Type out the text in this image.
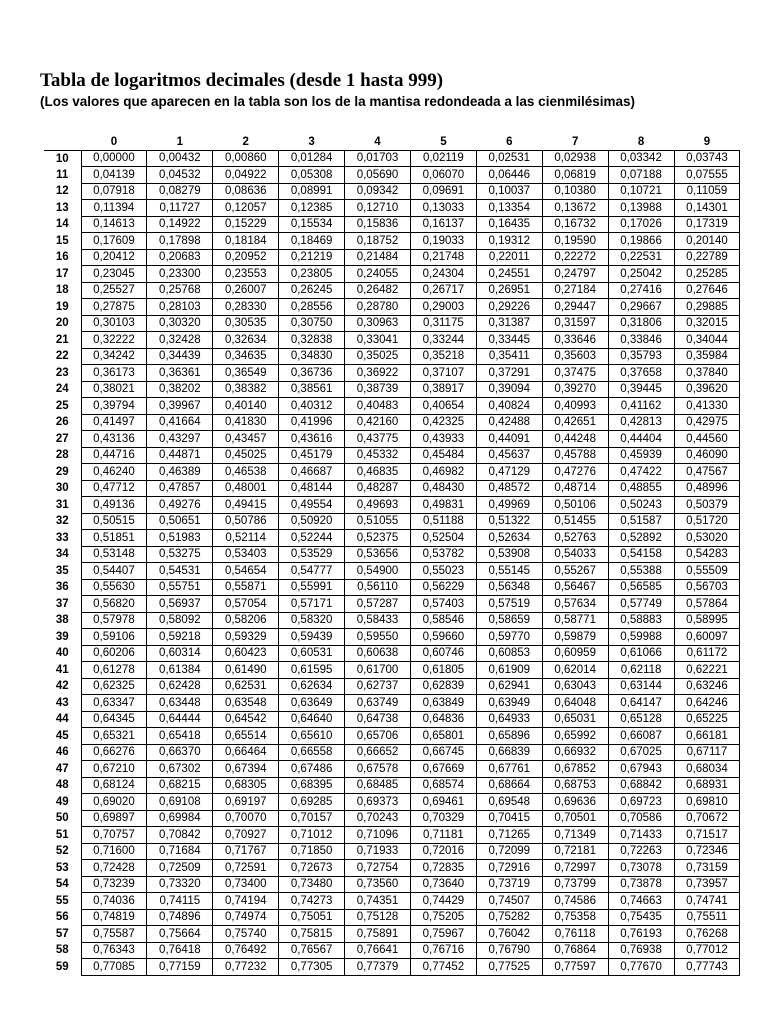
Tabla de logaritmos decimales (desde 1 hasta 999)
(Los valores que aparecen en la tabla son los de la mantisa redondeada a las cienmilésimas)
	0	1	2	3	4	5	6	7	8	9
10	0,00000	0,00432	0,00860	0,01284	0,01703	0,02119	0,02531	0,02938	0,03342	0,03743
11	0,04139	0,04532	0,04922	0,05308	0,05690	0,06070	0,06446	0,06819	0,07188	0,07555
12	0,07918	0,08279	0,08636	0,08991	0,09342	0,09691	0,10037	0,10380	0,10721	0,11059
13	0,11394	0,11727	0,12057	0,12385	0,12710	0,13033	0,13354	0,13672	0,13988	0,14301
14	0,14613	0,14922	0,15229	0,15534	0,15836	0,16137	0,16435	0,16732	0,17026	0,17319
15	0,17609	0,17898	0,18184	0,18469	0,18752	0,19033	0,19312	0,19590	0,19866	0,20140
16	0,20412	0,20683	0,20952	0,21219	0,21484	0,21748	0,22011	0,22272	0,22531	0,22789
17	0,23045	0,23300	0,23553	0,23805	0,24055	0,24304	0,24551	0,24797	0,25042	0,25285
18	0,25527	0,25768	0,26007	0,26245	0,26482	0,26717	0,26951	0,27184	0,27416	0,27646
19	0,27875	0,28103	0,28330	0,28556	0,28780	0,29003	0,29226	0,29447	0,29667	0,29885
20	0,30103	0,30320	0,30535	0,30750	0,30963	0,31175	0,31387	0,31597	0,31806	0,32015
21	0,32222	0,32428	0,32634	0,32838	0,33041	0,33244	0,33445	0,33646	0,33846	0,34044
22	0,34242	0,34439	0,34635	0,34830	0,35025	0,35218	0,35411	0,35603	0,35793	0,35984
23	0,36173	0,36361	0,36549	0,36736	0,36922	0,37107	0,37291	0,37475	0,37658	0,37840
24	0,38021	0,38202	0,38382	0,38561	0,38739	0,38917	0,39094	0,39270	0,39445	0,39620
25	0,39794	0,39967	0,40140	0,40312	0,40483	0,40654	0,40824	0,40993	0,41162	0,41330
26	0,41497	0,41664	0,41830	0,41996	0,42160	0,42325	0,42488	0,42651	0,42813	0,42975
27	0,43136	0,43297	0,43457	0,43616	0,43775	0,43933	0,44091	0,44248	0,44404	0,44560
28	0,44716	0,44871	0,45025	0,45179	0,45332	0,45484	0,45637	0,45788	0,45939	0,46090
29	0,46240	0,46389	0,46538	0,46687	0,46835	0,46982	0,47129	0,47276	0,47422	0,47567
30	0,47712	0,47857	0,48001	0,48144	0,48287	0,48430	0,48572	0,48714	0,48855	0,48996
31	0,49136	0,49276	0,49415	0,49554	0,49693	0,49831	0,49969	0,50106	0,50243	0,50379
32	0,50515	0,50651	0,50786	0,50920	0,51055	0,51188	0,51322	0,51455	0,51587	0,51720
33	0,51851	0,51983	0,52114	0,52244	0,52375	0,52504	0,52634	0,52763	0,52892	0,53020
34	0,53148	0,53275	0,53403	0,53529	0,53656	0,53782	0,53908	0,54033	0,54158	0,54283
35	0,54407	0,54531	0,54654	0,54777	0,54900	0,55023	0,55145	0,55267	0,55388	0,55509
36	0,55630	0,55751	0,55871	0,55991	0,56110	0,56229	0,56348	0,56467	0,56585	0,56703
37	0,56820	0,56937	0,57054	0,57171	0,57287	0,57403	0,57519	0,57634	0,57749	0,57864
38	0,57978	0,58092	0,58206	0,58320	0,58433	0,58546	0,58659	0,58771	0,58883	0,58995
39	0,59106	0,59218	0,59329	0,59439	0,59550	0,59660	0,59770	0,59879	0,59988	0,60097
40	0,60206	0,60314	0,60423	0,60531	0,60638	0,60746	0,60853	0,60959	0,61066	0,61172
41	0,61278	0,61384	0,61490	0,61595	0,61700	0,61805	0,61909	0,62014	0,62118	0,62221
42	0,62325	0,62428	0,62531	0,62634	0,62737	0,62839	0,62941	0,63043	0,63144	0,63246
43	0,63347	0,63448	0,63548	0,63649	0,63749	0,63849	0,63949	0,64048	0,64147	0,64246
44	0,64345	0,64444	0,64542	0,64640	0,64738	0,64836	0,64933	0,65031	0,65128	0,65225
45	0,65321	0,65418	0,65514	0,65610	0,65706	0,65801	0,65896	0,65992	0,66087	0,66181
46	0,66276	0,66370	0,66464	0,66558	0,66652	0,66745	0,66839	0,66932	0,67025	0,67117
47	0,67210	0,67302	0,67394	0,67486	0,67578	0,67669	0,67761	0,67852	0,67943	0,68034
48	0,68124	0,68215	0,68305	0,68395	0,68485	0,68574	0,68664	0,68753	0,68842	0,68931
49	0,69020	0,69108	0,69197	0,69285	0,69373	0,69461	0,69548	0,69636	0,69723	0,69810
50	0,69897	0,69984	0,70070	0,70157	0,70243	0,70329	0,70415	0,70501	0,70586	0,70672
51	0,70757	0,70842	0,70927	0,71012	0,71096	0,71181	0,71265	0,71349	0,71433	0,71517
52	0,71600	0,71684	0,71767	0,71850	0,71933	0,72016	0,72099	0,72181	0,72263	0,72346
53	0,72428	0,72509	0,72591	0,72673	0,72754	0,72835	0,72916	0,72997	0,73078	0,73159
54	0,73239	0,73320	0,73400	0,73480	0,73560	0,73640	0,73719	0,73799	0,73878	0,73957
55	0,74036	0,74115	0,74194	0,74273	0,74351	0,74429	0,74507	0,74586	0,74663	0,74741
56	0,74819	0,74896	0,74974	0,75051	0,75128	0,75205	0,75282	0,75358	0,75435	0,75511
57	0,75587	0,75664	0,75740	0,75815	0,75891	0,75967	0,76042	0,76118	0,76193	0,76268
58	0,76343	0,76418	0,76492	0,76567	0,76641	0,76716	0,76790	0,76864	0,76938	0,77012
59	0,77085	0,77159	0,77232	0,77305	0,77379	0,77452	0,77525	0,77597	0,77670	0,77743
